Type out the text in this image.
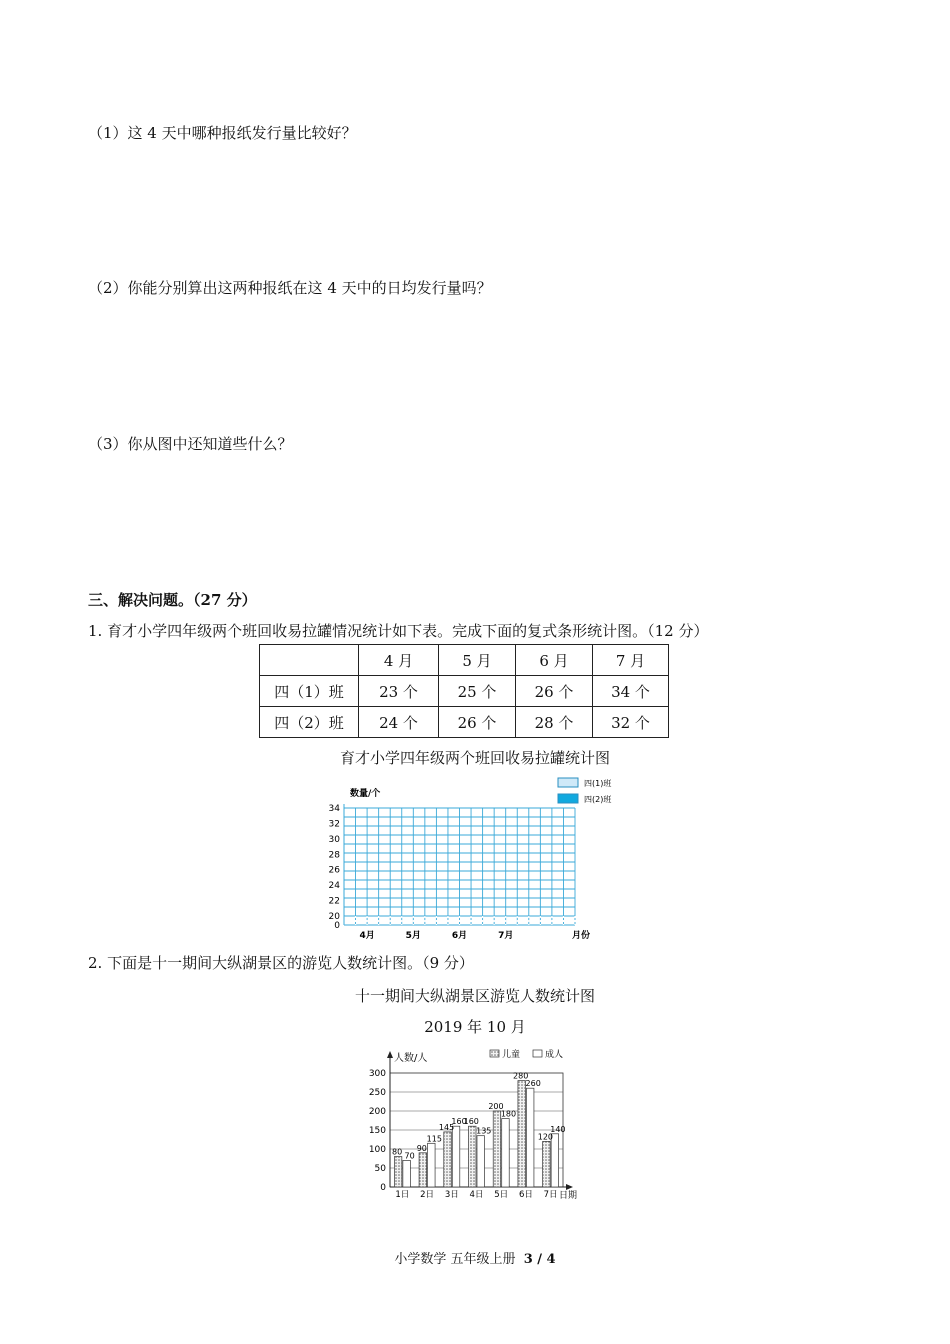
（1）这 4 天中哪种报纸发行量比较好？
（2）你能分别算出这两种报纸在这 4 天中的日均发行量吗？
（3）你从图中还知道些什么？
三、解决问题。（27 分）
1. 育才小学四年级两个班回收易拉罐情况统计如下表。完成下面的复式条形统计图。（12 分）
	4 月	5 月	6 月	7 月
四（1）班	23 个	25 个	26 个	34 个
四（2）班	24 个	26 个	28 个	32 个
育才小学四年级两个班回收易拉罐统计图
0
20
22
24
26
28
30
32
34
4月	5月	6月	7月
数量/个
月份
四(1)班
四(2)班
2. 下面是十一期间大纵湖景区的游览人数统计图。（9 分）
十一期间大纵湖景区游览人数统计图
2019 年 10 月
0
50
100
150
200
250
300
80 70
90
115
145
160
160
135
200
180
280
260
120
140
1日 2日 3日 4日 5日 6日 7日
人数/人
日期
儿童	成人
小学数学 五年级上册 3 / 4
